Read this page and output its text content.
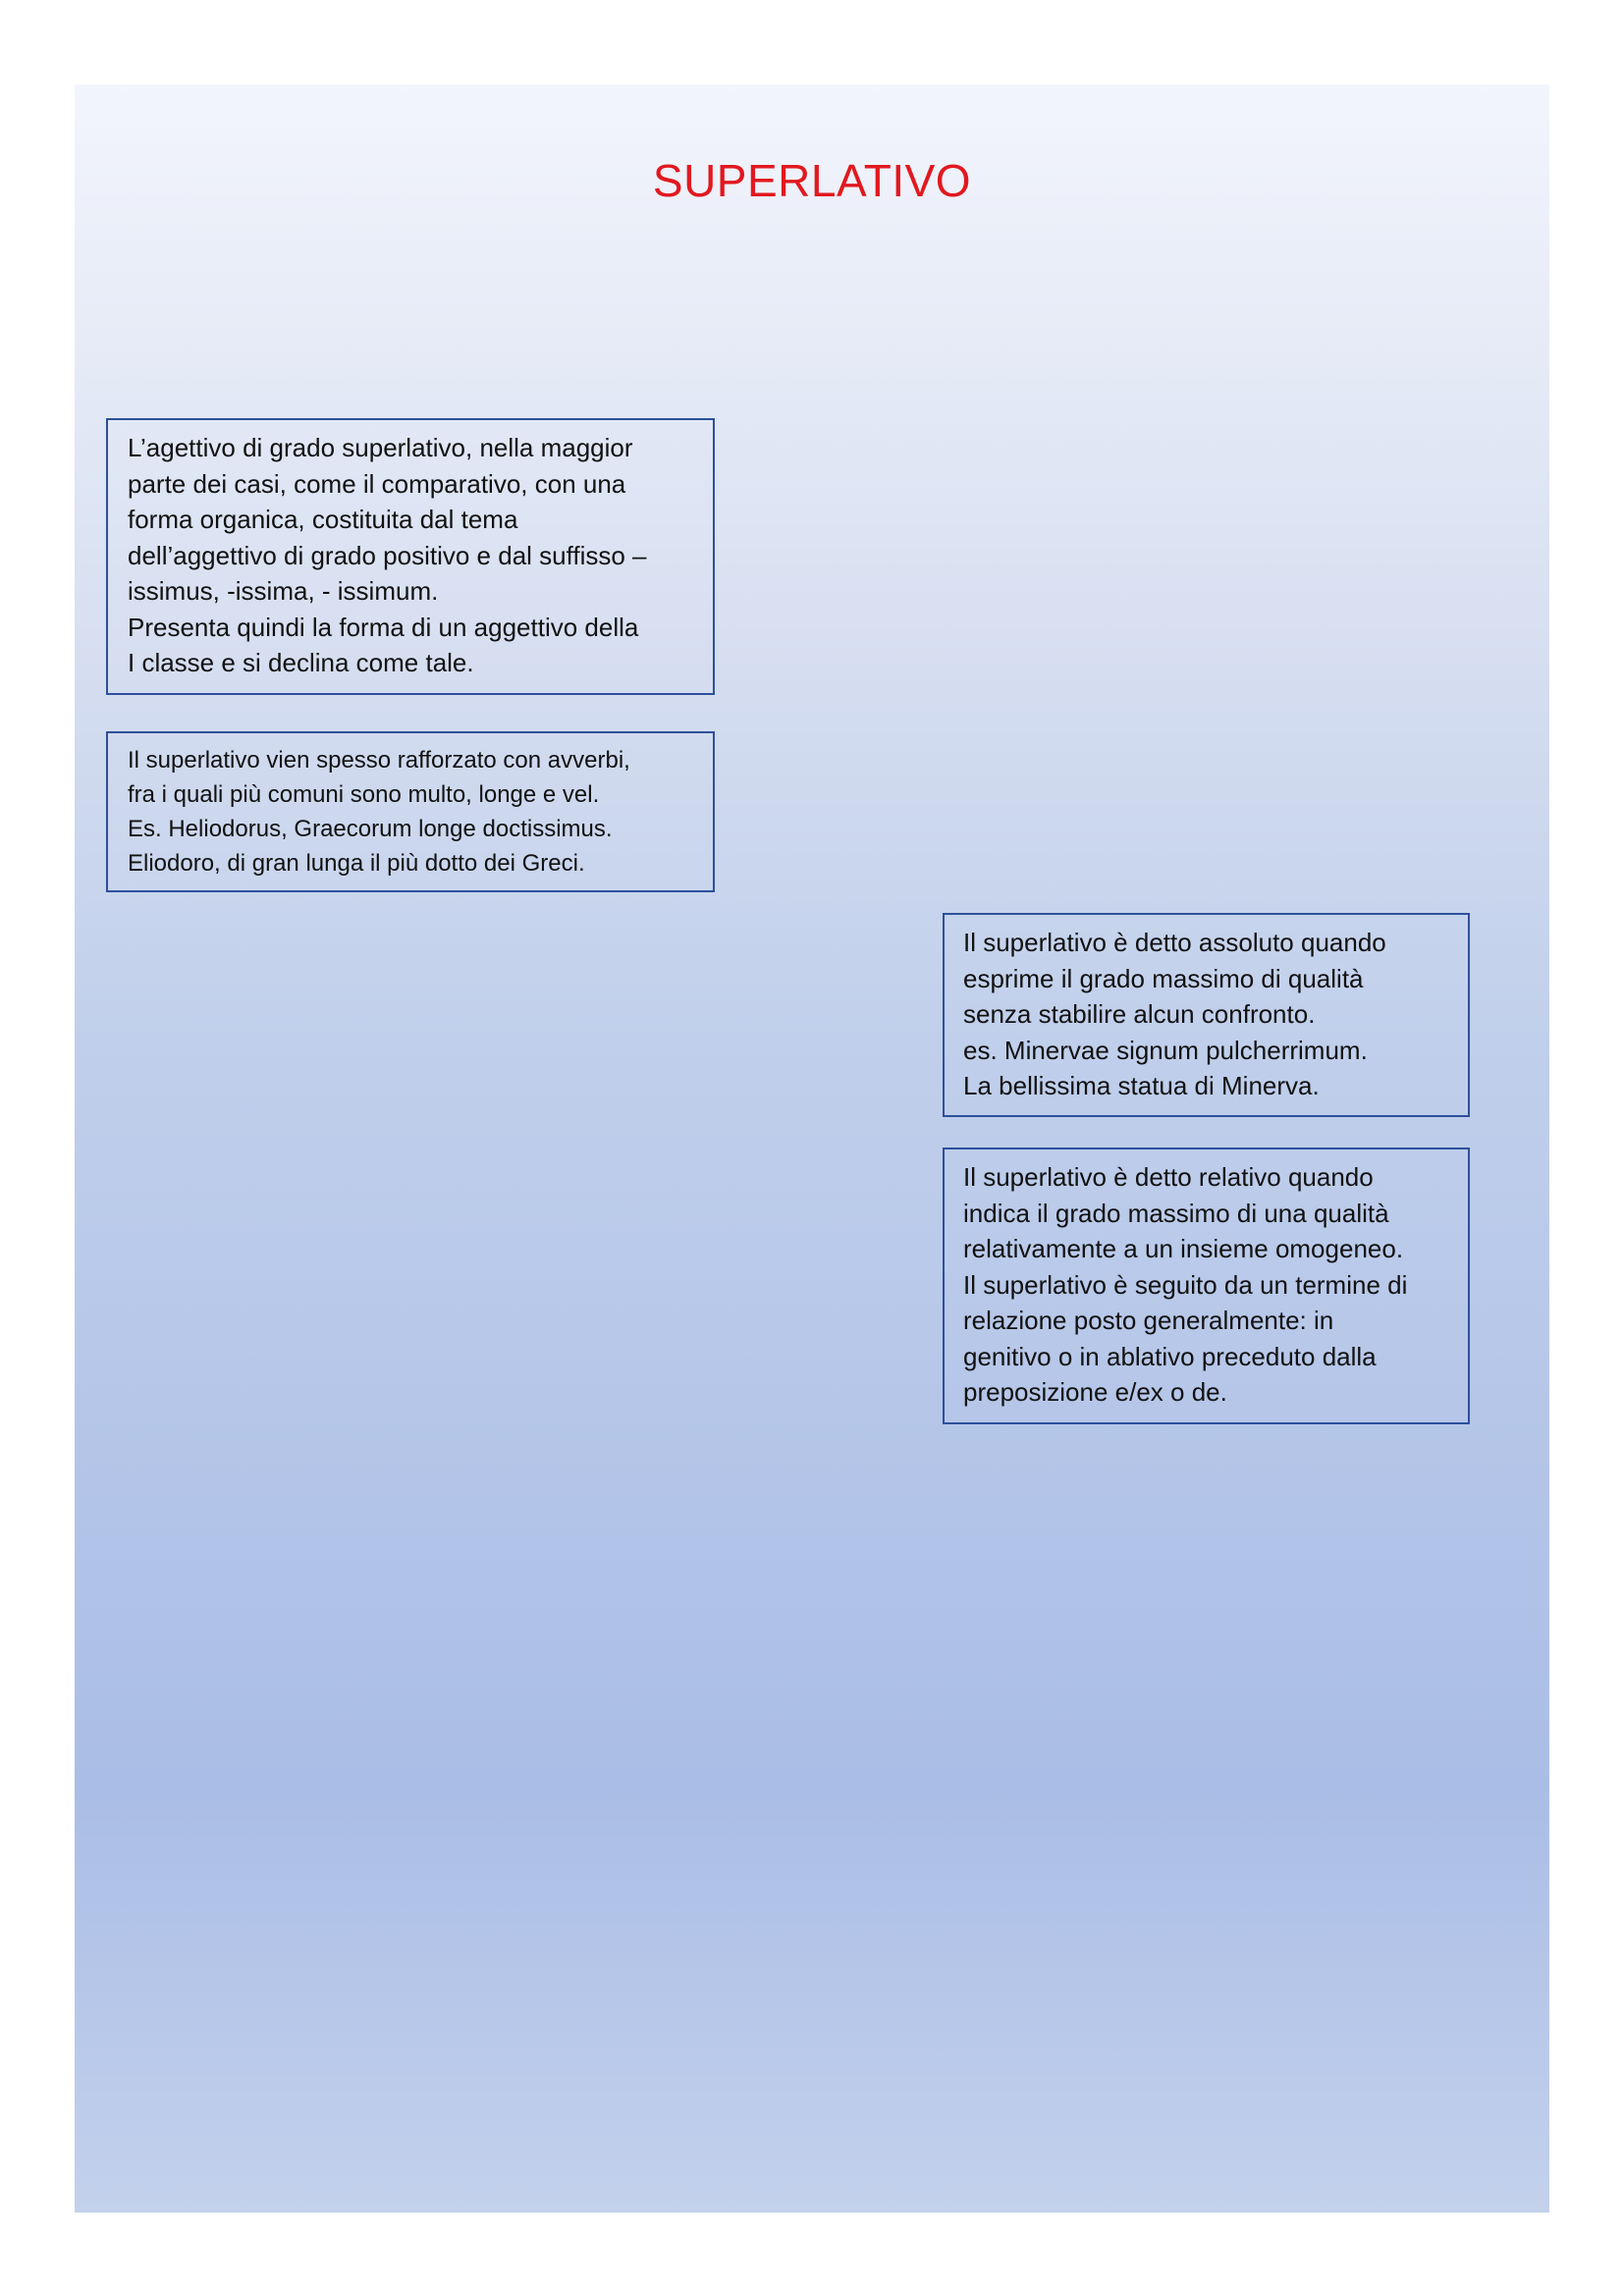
SUPERLATIVO

L’agettivo di grado superlativo, nella maggior
parte dei casi, come il comparativo, con una
forma organica, costituita dal tema
dell’aggettivo di grado positivo e dal suffisso –
issimus, -issima, - issimum.
Presenta quindi la forma di un aggettivo della
I classe e si declina come tale.

Il superlativo vien spesso rafforzato con avverbi,
fra i quali più comuni sono multo, longe e vel.
Es. Heliodorus, Graecorum longe doctissimus.
Eliodoro, di gran lunga il più dotto dei Greci.

Il superlativo è detto assoluto quando
esprime il grado massimo di qualità
senza stabilire alcun confronto.
es. Minervae signum pulcherrimum.
La bellissima statua di Minerva.

Il superlativo è detto relativo quando
indica il grado massimo di una qualità
relativamente a un insieme omogeneo.
Il superlativo è seguito da un termine di
relazione posto generalmente: in
genitivo o in ablativo preceduto dalla
preposizione e/ex o de.
